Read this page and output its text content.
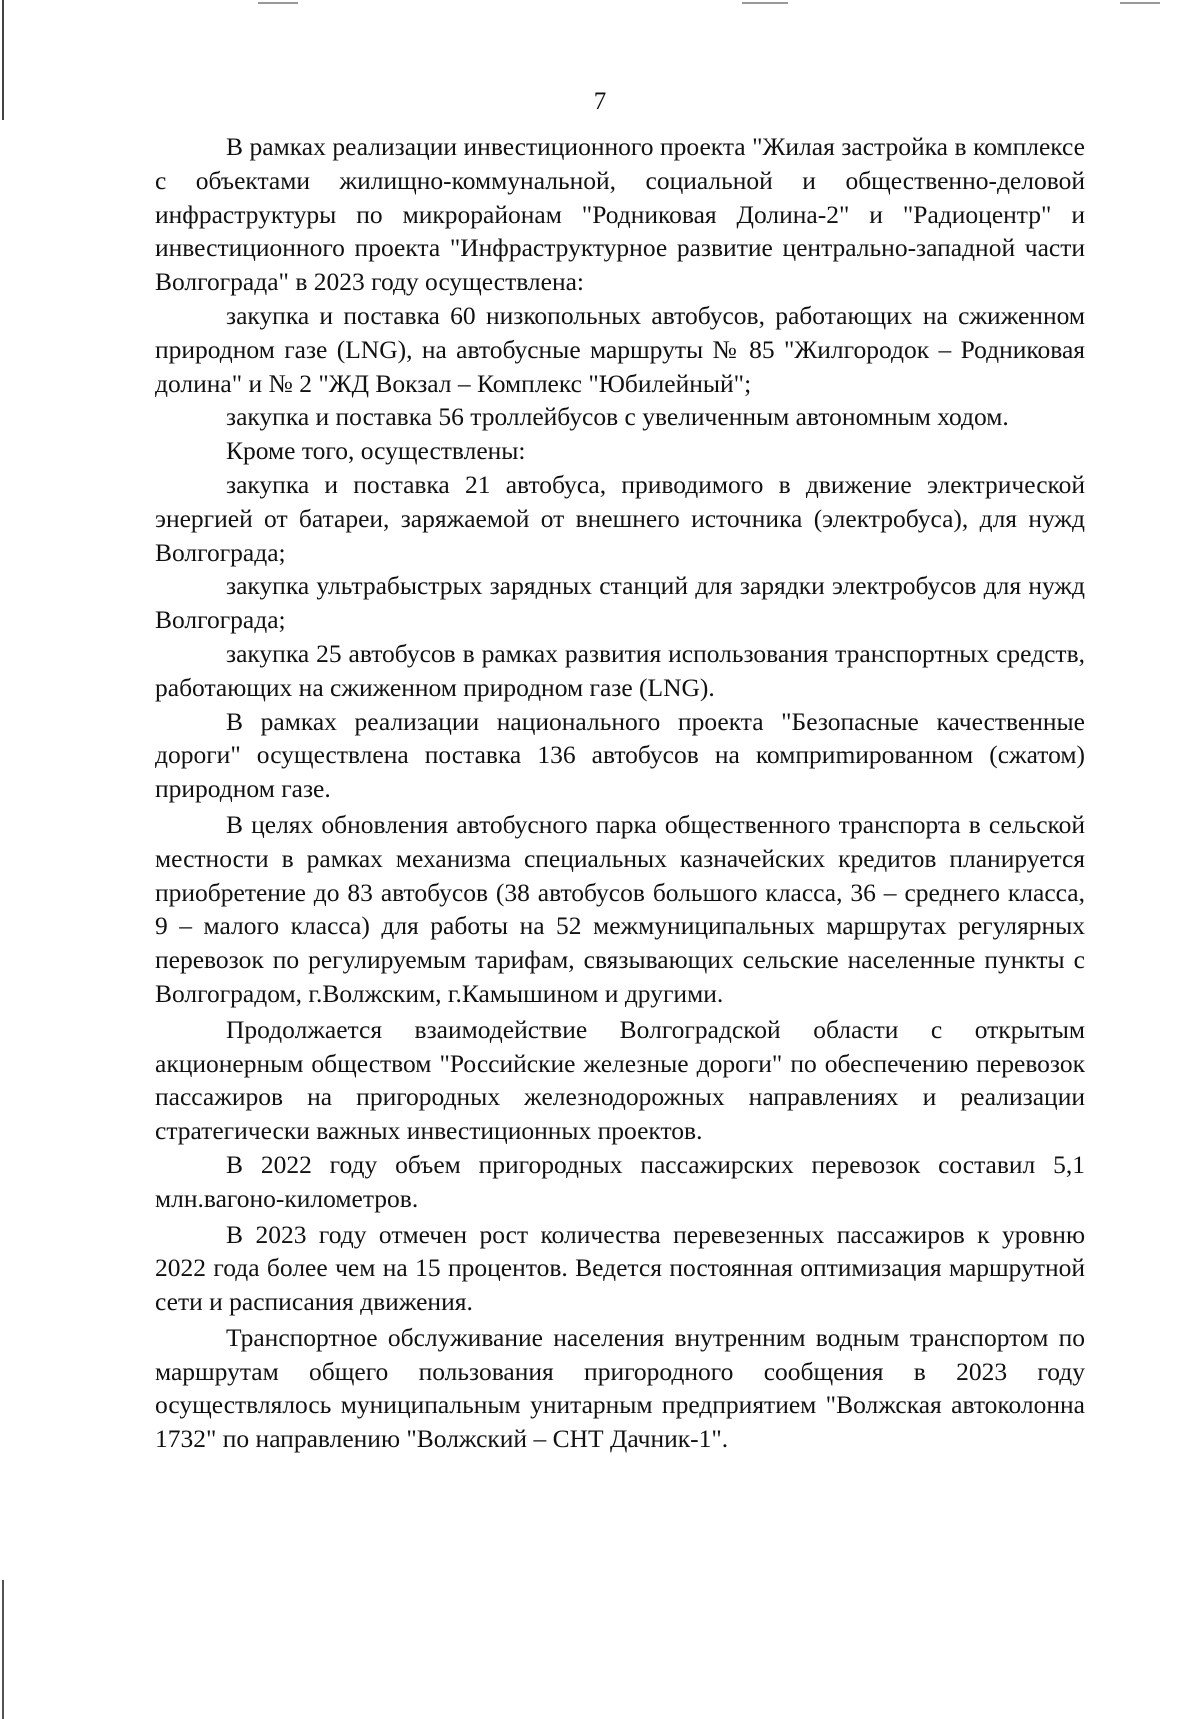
7

В рамках реализации инвестиционного проекта "Жилая застройка в комплексе с объектами жилищно-коммунальной, социальной и общественно-деловой инфраструктуры по микрорайонам "Родниковая Долина-2" и "Радиоцентр" и инвестиционного проекта "Инфраструктурное развитие центрально-западной части Волгограда" в 2023 году осуществлена:

закупка и поставка 60 низкопольных автобусов, работающих на сжиженном природном газе (LNG), на автобусные маршруты № 85 "Жилгородок – Родниковая долина" и № 2 "ЖД Вокзал – Комплекс "Юбилейный";

закупка и поставка 56 троллейбусов с увеличенным автономным ходом.

Кроме того, осуществлены:

закупка и поставка 21 автобуса, приводимого в движение электрической энергией от батареи, заряжаемой от внешнего источника (электробуса), для нужд Волгограда;

закупка ультрабыстрых зарядных станций для зарядки электробусов для нужд Волгограда;

закупка 25 автобусов в рамках развития использования транспортных средств, работающих на сжиженном природном газе (LNG).

В рамках реализации национального проекта "Безопасные качественные дороги" осуществлена поставка 136 автобусов на комприmированном (сжатом) природном газе.

В целях обновления автобусного парка общественного транспорта в сельской местности в рамках механизма специальных казначейских кредитов планируется приобретение до 83 автобусов (38 автобусов большого класса, 36 – среднего класса, 9 – малого класса) для работы на 52 межмуниципальных маршрутах регулярных перевозок по регулируемым тарифам, связывающих сельские населенные пункты с Волгоградом, г.Волжским, г.Камышином и другими.

Продолжается взаимодействие Волгоградской области с открытым акционерным обществом "Российские железные дороги" по обеспечению перевозок пассажиров на пригородных железнодорожных направлениях и реализации стратегически важных инвестиционных проектов.

В 2022 году объем пригородных пассажирских перевозок составил 5,1 млн.вагоно-километров.

В 2023 году отмечен рост количества перевезенных пассажиров к уровню 2022 года более чем на 15 процентов. Ведется постоянная оптимизация маршрутной сети и расписания движения.

Транспортное обслуживание населения внутренним водным транспортом по маршрутам общего пользования пригородного сообщения в 2023 году осуществлялось муниципальным унитарным предприятием "Волжская автоколонна 1732" по направлению "Волжский – СНТ Дачник-1".
